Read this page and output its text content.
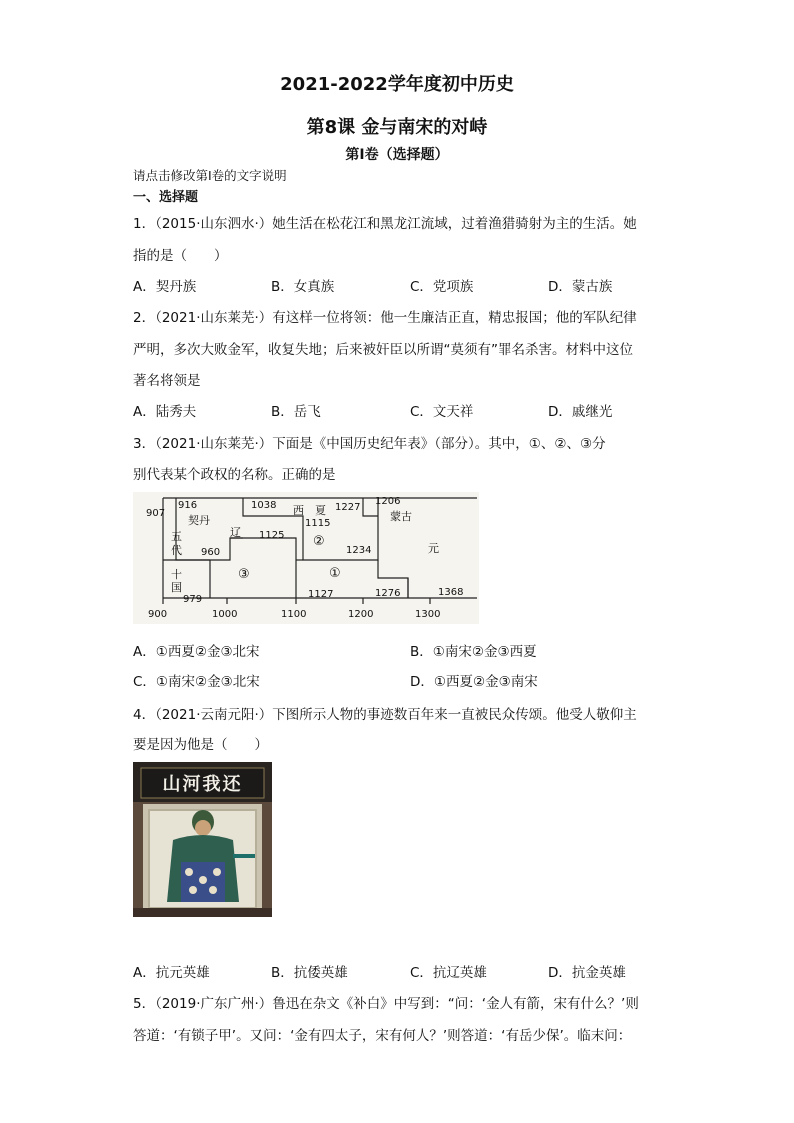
2021-2022学年度初中历史
第8课 金与南宋的对峙
第I卷（选择题）
请点击修改第I卷的文字说明
一、选择题
1．（2015·山东泗水·）她生活在松花江和黑龙江流域，过着渔猎骑射为主的生活。她
指的是（　　）
A．契丹族	B．女真族	C．党项族	D．蒙古族
2．（2021·山东莱芜·）有这样一位将领：他一生廉洁正直，精忠报国；他的军队纪律
严明，多次大败金军，收复失地；后来被奸臣以所谓“莫须有”罪名杀害。材料中这位
著名将领是
A．陆秀夫	B．岳飞	C．文天祥	D．戚继光
3．（2021·山东莱芜·）下面是《中国历史纪年表》（部分）。其中，①、②、③分
别代表某个政权的名称。正确的是
907
916
契丹
辽 1125
1038 西　夏 1227
1206
蒙古
1115
②
1234	元
五
代 960
③	①
十
国
979	1127	1276	1368
900	1000	1100	1200	1300
A．①西夏②金③北宋	B．①南宋②金③西夏
C．①南宋②金③北宋	D．①西夏②金③南宋
4．（2021·云南元阳·）下图所示人物的事迹数百年来一直被民众传颂。他受人敬仰主
要是因为他是（　　）
山河我还
A．抗元英雄	B．抗倭英雄	C．抗辽英雄	D．抗金英雄
5．（2019·广东广州·）鲁迅在杂文《补白》中写到：“问：‘金人有箭，宋有什么？’则
答道：‘有锁子甲’。又问：‘金有四太子，宋有何人？’则答道：‘有岳少保’。临末问：
